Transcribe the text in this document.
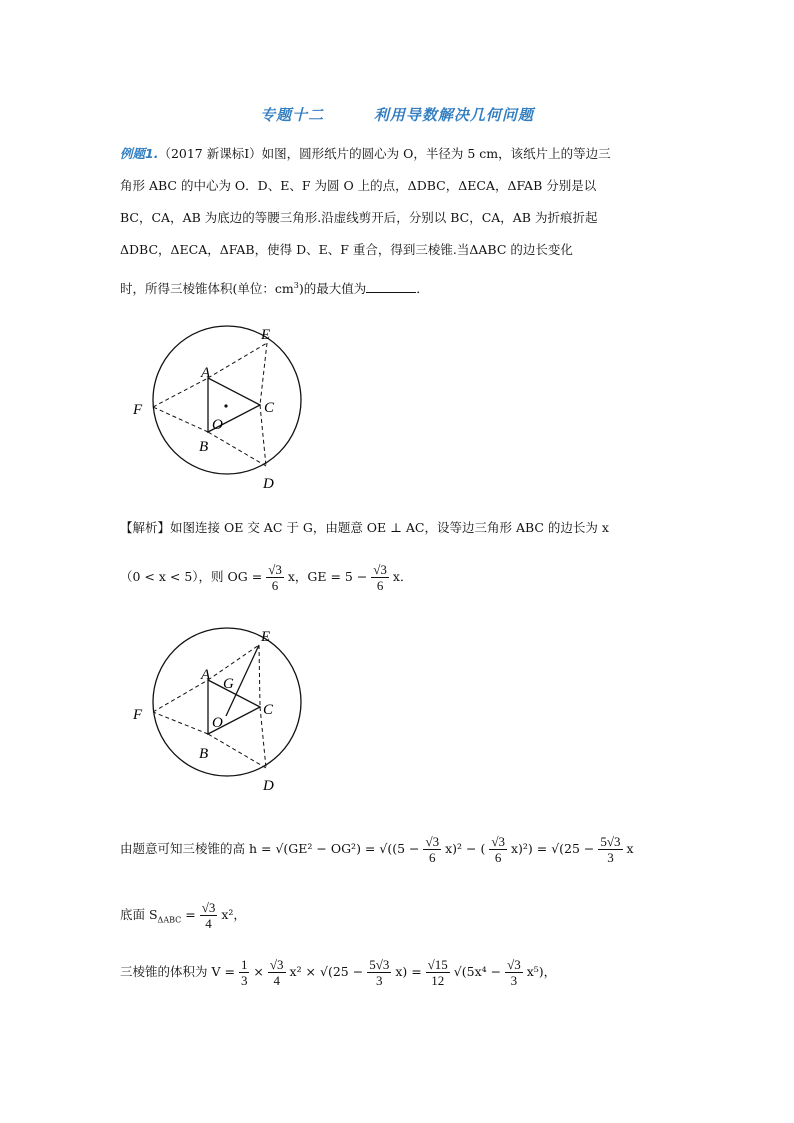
专题十二        利用导数解决几何问题
例题1.（2017 新课标Ⅰ）如图，圆形纸片的圆心为 O，半径为 5 cm，该纸片上的等边三
角形 ABC 的中心为 O．D、E、F 为圆 O 上的点，ΔDBC，ΔECA，ΔFAB 分别是以
BC，CA，AB 为底边的等腰三角形.沿虚线剪开后，分别以 BC，CA，AB 为折痕折起
ΔDBC，ΔECA，ΔFAB，使得 D、E、F 重合，得到三棱锥.当ΔABC 的边长变化
时，所得三棱锥体积(单位：$cm^3$)的最大值为	．
A
B
C
D
E
F
O
【解析】如图连接 OE 交 AC 于 G，由题意 OE ⊥ AC，设等边三角形 ABC 的边长为 x
（0 < x < 5），则 OG = $\frac{√3}{6}$ x，GE = $5 - \frac{√3}{6}$ x．
A
G
B
C
D
E
F	O
由题意可知三棱锥的高 $h = √(GE^2 - OG^2) = √((5 - \frac{√3}{6} x)^2$ − ( $\frac{√3}{6} x)^2) = √(25 - \frac{5√3}{3}$ x
底面 $S_{\Delta ABC} = \frac{√3}{4} x^2$，
三棱锥的体积为 $V = \frac{1}{3} \times \frac{√3}{4} x^2 \times √(25 - \frac{5√3}{3} x) = \frac{√15}{12} √(5x^4 - \frac{√3}{3} x^5)$，
